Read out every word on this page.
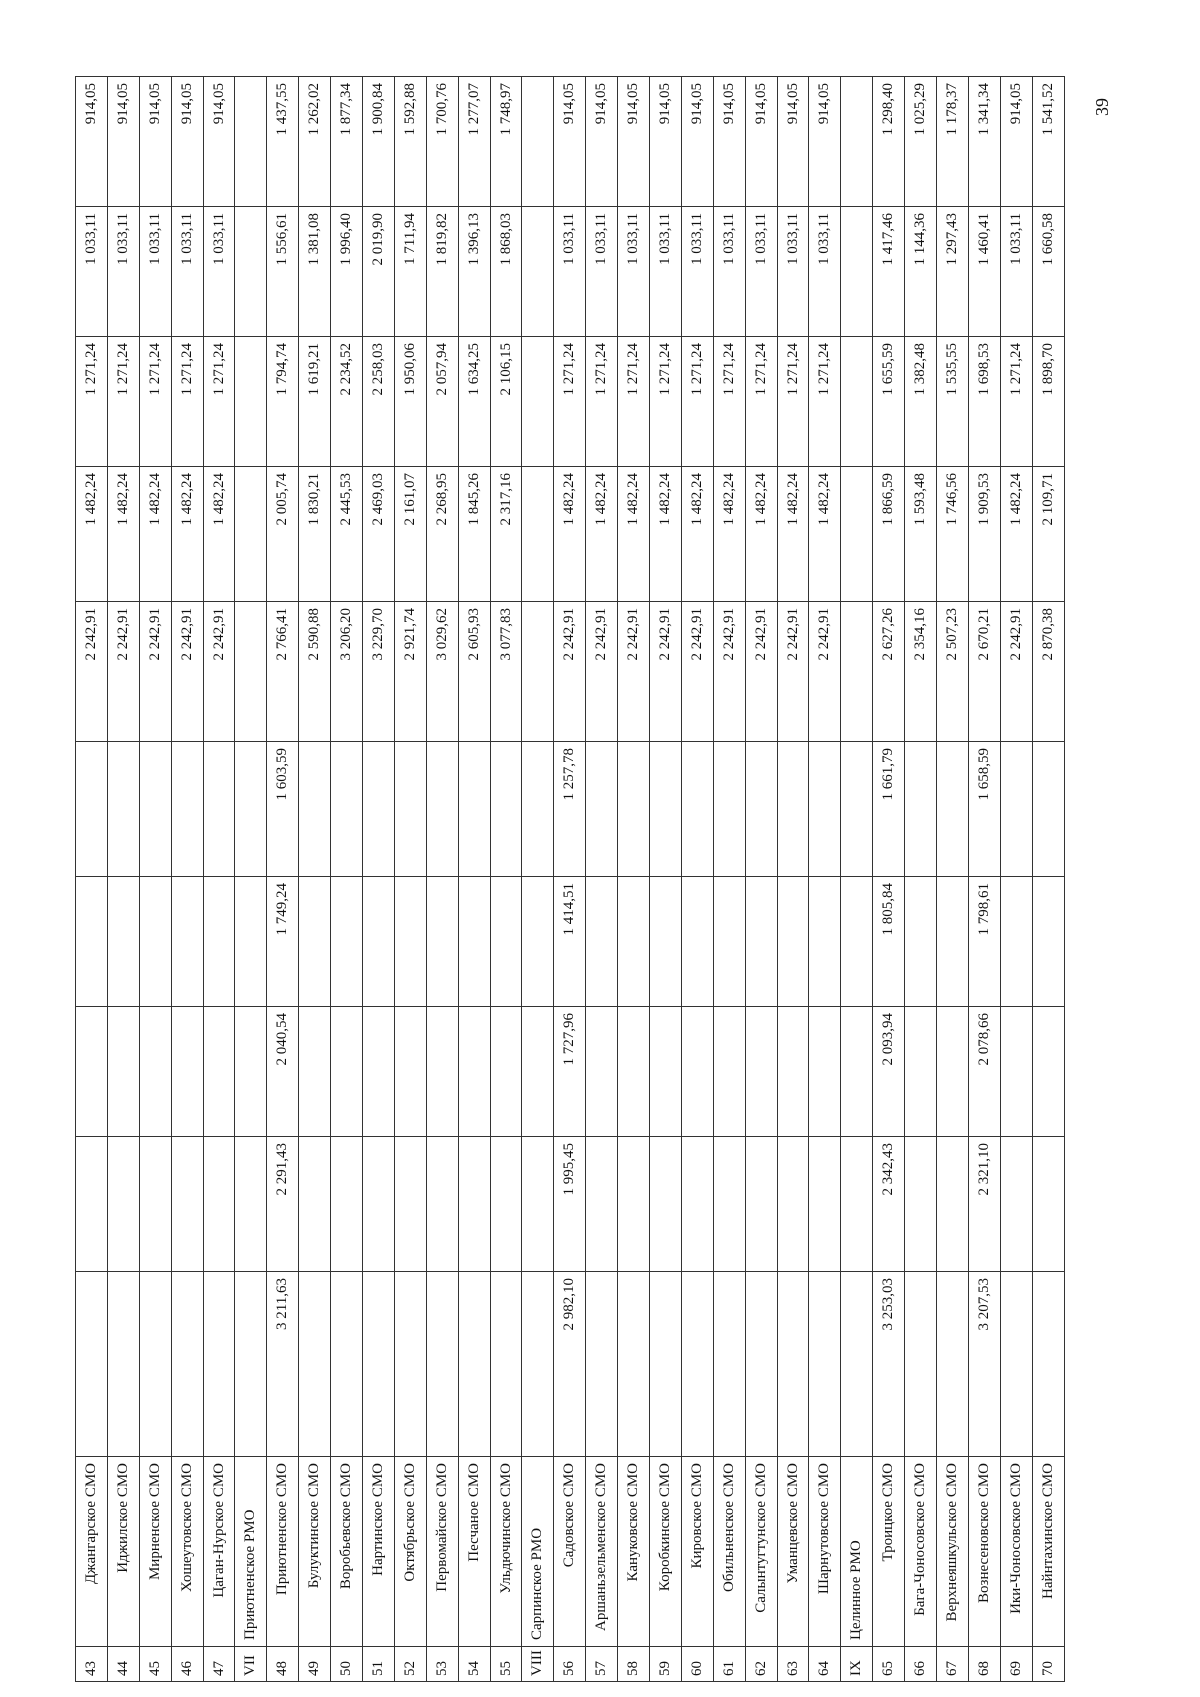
43	Джангарское СМО						2 242,91	1 482,24	1 271,24	1 033,11	914,05
44	Иджилское СМО						2 242,91	1 482,24	1 271,24	1 033,11	914,05
45	Мирненское СМО						2 242,91	1 482,24	1 271,24	1 033,11	914,05
46	Хошеутовское СМО						2 242,91	1 482,24	1 271,24	1 033,11	914,05
47	Цаган-Нурское СМО						2 242,91	1 482,24	1 271,24	1 033,11	914,05
VII	Приютненское РМО										
48	Приютненское СМО	3 211,63	2 291,43	2 040,54	1 749,24	1 603,59	2 766,41	2 005,74	1 794,74	1 556,61	1 437,55
49	Булуктинское СМО						2 590,88	1 830,21	1 619,21	1 381,08	1 262,02
50	Воробьевское СМО						3 206,20	2 445,53	2 234,52	1 996,40	1 877,34
51	Нартинское СМО						3 229,70	2 469,03	2 258,03	2 019,90	1 900,84
52	Октябрьское СМО						2 921,74	2 161,07	1 950,06	1 711,94	1 592,88
53	Первомайское СМО						3 029,62	2 268,95	2 057,94	1 819,82	1 700,76
54	Песчаное СМО						2 605,93	1 845,26	1 634,25	1 396,13	1 277,07
55	Ульдючинское СМО						3 077,83	2 317,16	2 106,15	1 868,03	1 748,97
VIII	Сарпинское РМО										
56	Садовское СМО	2 982,10	1 995,45	1 727,96	1 414,51	1 257,78	2 242,91	1 482,24	1 271,24	1 033,11	914,05
57	Аршаньзельменское СМО						2 242,91	1 482,24	1 271,24	1 033,11	914,05
58	Кануковское СМО						2 242,91	1 482,24	1 271,24	1 033,11	914,05
59	Коробкинское СМО						2 242,91	1 482,24	1 271,24	1 033,11	914,05
60	Кировское СМО						2 242,91	1 482,24	1 271,24	1 033,11	914,05
61	Обильненское СМО						2 242,91	1 482,24	1 271,24	1 033,11	914,05
62	Салынтугтунское СМО						2 242,91	1 482,24	1 271,24	1 033,11	914,05
63	Уманцевское СМО						2 242,91	1 482,24	1 271,24	1 033,11	914,05
64	Шарнутовское СМО						2 242,91	1 482,24	1 271,24	1 033,11	914,05
IX	Целинное РМО										
65	Троицкое СМО	3 253,03	2 342,43	2 093,94	1 805,84	1 661,79	2 627,26	1 866,59	1 655,59	1 417,46	1 298,40
66	Бага-Чоносовское СМО						2 354,16	1 593,48	1 382,48	1 144,36	1 025,29
67	Верхнеяшкульское СМО						2 507,23	1 746,56	1 535,55	1 297,43	1 178,37
68	Вознесеновское СМО	3 207,53	2 321,10	2 078,66	1 798,61	1 658,59	2 670,21	1 909,53	1 698,53	1 460,41	1 341,34
69	Ики-Чоносовское СМО						2 242,91	1 482,24	1 271,24	1 033,11	914,05
70	Найнтахинское СМО						2 870,38	2 109,71	1 898,70	1 660,58	1 541,52 39
